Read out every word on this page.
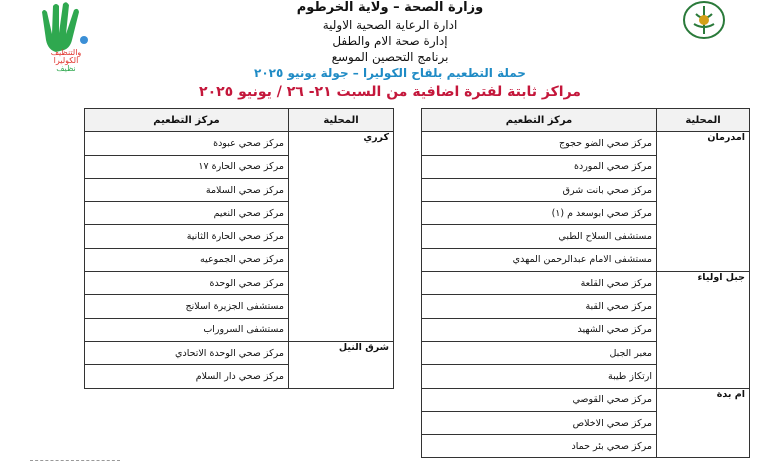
والتنظيف
الكوليرا
نظيف
وزارة الصحة – ولاية الخرطوم
ادارة الرعاية الصحية الاولية
إدارة صحة الام والطفل
برنامج التحصين الموسع
حملة التطعيم بلقاح الكوليرا – جولة يونيو ٢٠٢٥
مراكز ثابتة لفترة اضافية من السبت ٢١- ٢٦ / يونيو ٢٠٢٥
المحلية	مركز التطعيم
امدرمان	مركز صحي الضو حجوج
	مركز صحي الموردة
	مركز صحي بانت شرق
	مركز صحي ابوسعد م (١)
	مستشفى السلاح الطبي
	مستشفى الامام عبدالرحمن المهدي
جبل اولياء	مركز صحي القلعة
	مركز صحي القبة
	مركز صحي الشهيد
	معبر الجبل
	ارتكاز طيبة
ام بدة	مركز صحي القوصي
	مركز صحي الاخلاص
	مركز صحي بئر حماد
المحلية	مركز التطعيم
كرري	مركز صحي عبودة
	مركز صحي الحارة ١٧
	مركز صحي السلامة
	مركز صحي النعيم
	مركز صحي الحارة الثانية
	مركز صحي الجموعيه
	مركز صحي الوحدة
	مستشفى الجزيرة اسلانج
	مستشفى السروراب
شرق النيل	مركز صحي الوحدة الاتحادي
	مركز صحي دار السلام
